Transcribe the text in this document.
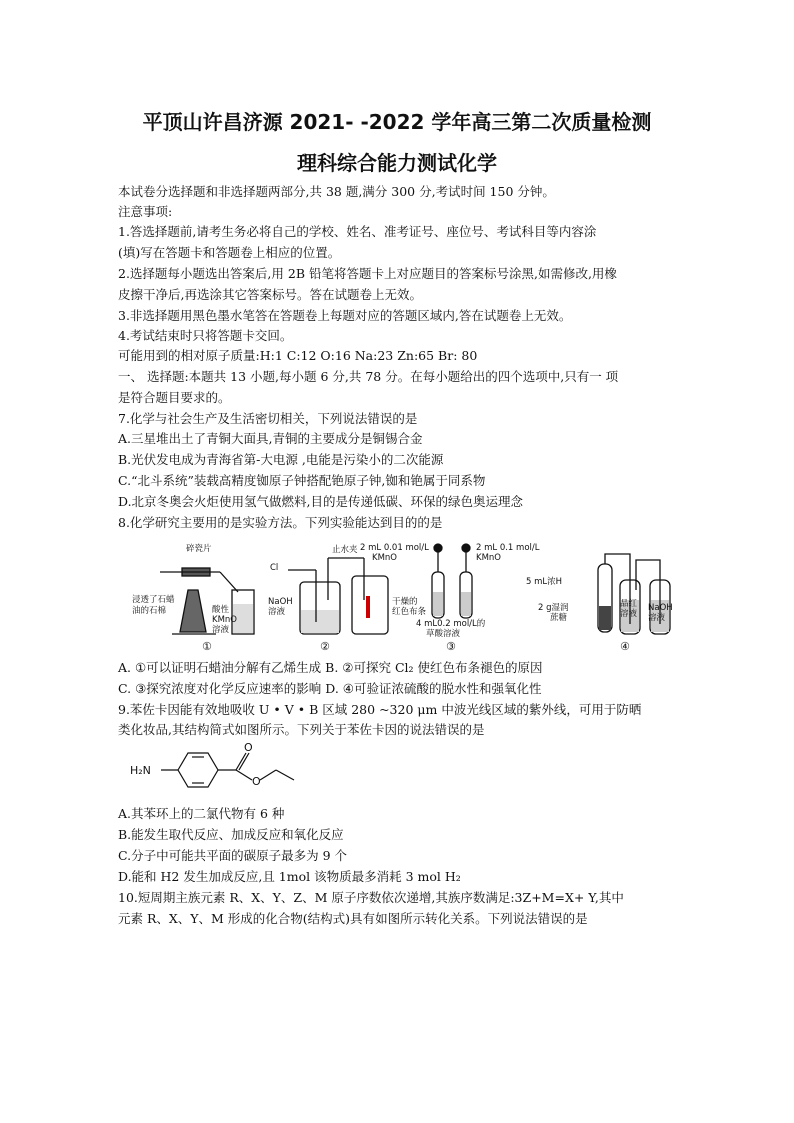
平顶山许昌济源 2021- -2022 学年高三第二次质量检测
理科综合能力测试化学
本试卷分选择题和非选择题两部分,共 38 题,满分 300 分,考试时间 150 分钟。
注意事项:
1.答选择题前,请考生务必将自己的学校、姓名、准考证号、座位号、考试科目等内容涂
(填)写在答题卡和答题卷上相应的位置。
2.选择题每小题选出答案后,用 2B 铅笔将答题卡上对应题目的答案标号涂黑,如需修改,用橡
皮擦干净后,再选涂其它答案标号。答在试题卷上无效。
3.非选择题用黑色墨水笔答在答题卷上每题对应的答题区域内,答在试题卷上无效。
4.考试结束时只将答题卡交回。
可能用到的相对原子质量:H:1 C:12 O:16 Na:23 Zn:65 Br: 80
一、 选择题:本题共 13 小题,每小题 6 分,共 78 分。在每小题给出的四个选项中,只有一 项
是符合题目要求的。
7.化学与社会生产及生活密切相关，下列说法错误的是
A.三星堆出土了青铜大面具,青铜的主要成分是铜锡合金
B.光伏发电成为青海省第-大电源 ,电能是污染小的二次能源
C.“北斗系统”装载高精度铷原子钟搭配铯原子钟,铷和铯属于同系物
D.北京冬奥会火炬使用氢气做燃料,目的是传递低碳、环保的绿色奥运理念
8.化学研究主要用的是实验方法。下列实验能达到目的的是
碎瓷片
浸透了石蜡
油的石棉	酸性
KMnO
溶液
Cl
止水夹
NaOH
溶液
干燥的
红色布条
2 mL 0.01 mol/L
KMnO
2 mL 0.1 mol/L
KMnO
4 mL0.2 mol/L的
草酸溶液
5 mL浓H
2 g湿润
蔗糖
品红
溶液
NaOH
溶液
①	②	③	④
A. ①可以证明石蜡油分解有乙烯生成 B. ②可探究 Cl₂ 使红色布条褪色的原因
C. ③探究浓度对化学反应速率的影响 D. ④可验证浓硫酸的脱水性和强氧化性
9.苯佐卡因能有效地吸收 U • V • B 区域 280 ~320 μm 中波光线区域的紫外线，可用于防晒
类化妆品,其结构简式如图所示。下列关于苯佐卡因的说法错误的是
H₂N
O
O
A.其苯环上的二氯代物有 6 种
B.能发生取代反应、加成反应和氧化反应
C.分子中可能共平面的碳原子最多为 9 个
D.能和 H2 发生加成反应,且 1mol 该物质最多消耗 3 mol H₂
10.短周期主族元素 R、X、Y、Z、M 原子序数依次递增,其族序数满足:3Z+M=X+ Y,其中
元素 R、X、Y、M 形成的化合物(结构式)具有如图所示转化关系。下列说法错误的是
